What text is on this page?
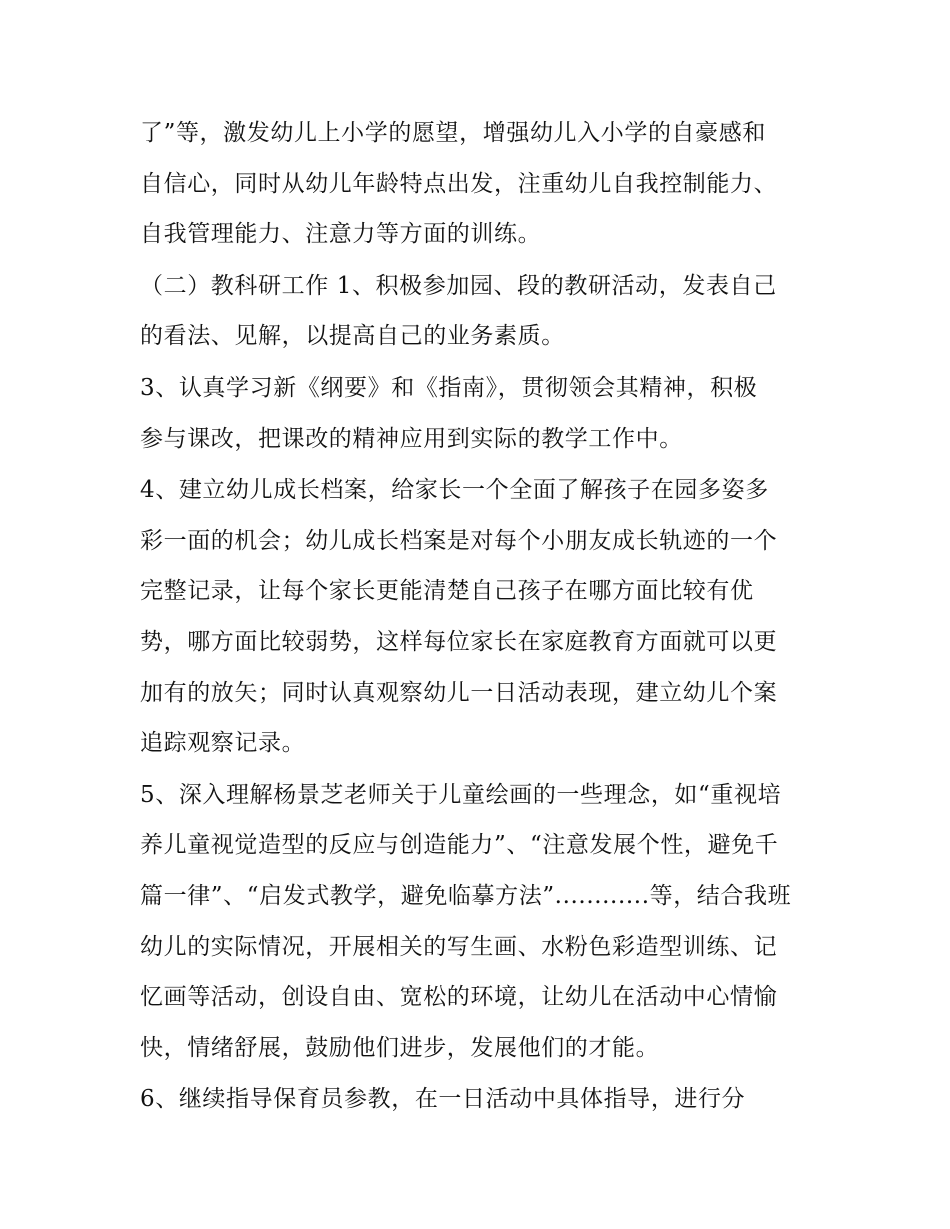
了”等，激发幼儿上小学的愿望，增强幼儿入小学的自豪感和
自信心，同时从幼儿年龄特点出发，注重幼儿自我控制能力、
自我管理能力、注意力等方面的训练。

（二）教科研工作 1、积极参加园、段的教研活动，发表自己
的看法、见解，以提高自己的业务素质。

3、认真学习新《纲要》和《指南》，贯彻领会其精神，积极
参与课改，把课改的精神应用到实际的教学工作中。

4、建立幼儿成长档案，给家长一个全面了解孩子在园多姿多
彩一面的机会；幼儿成长档案是对每个小朋友成长轨迹的一个
完整记录，让每个家长更能清楚自己孩子在哪方面比较有优
势，哪方面比较弱势，这样每位家长在家庭教育方面就可以更
加有的放矢；同时认真观察幼儿一日活动表现，建立幼儿个案
追踪观察记录。

5、深入理解杨景芝老师关于儿童绘画的一些理念，如“重视培
养儿童视觉造型的反应与创造能力”、“注意发展个性，避免千
篇一律”、“启发式教学，避免临摹方法”............等，结合我班
幼儿的实际情况，开展相关的写生画、水粉色彩造型训练、记
忆画等活动，创设自由、宽松的环境，让幼儿在活动中心情愉
快，情绪舒展，鼓励他们进步，发展他们的才能。

6、继续指导保育员参教，在一日活动中具体指导，进行分
